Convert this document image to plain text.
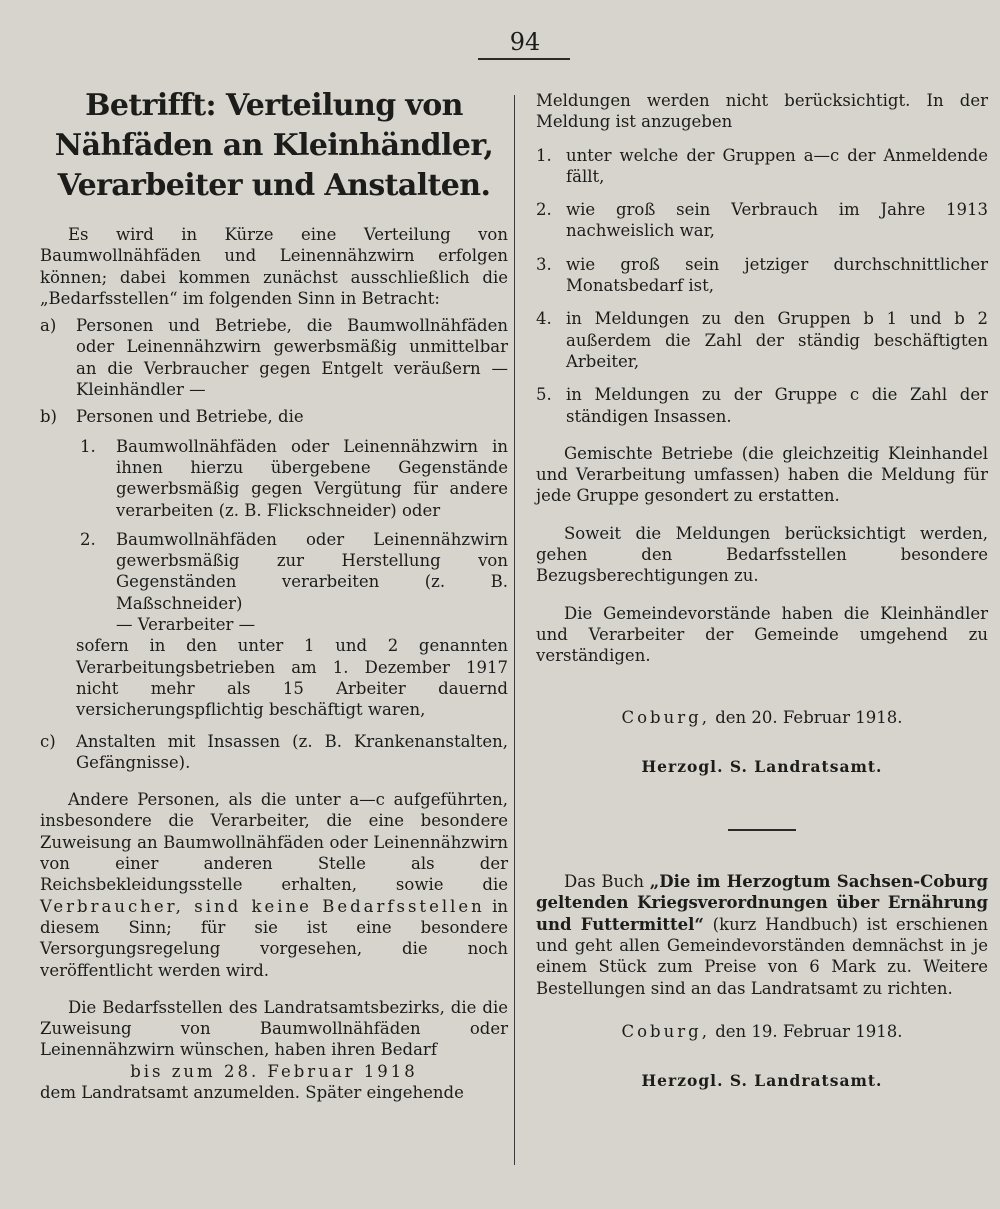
94
Betrifft: Verteilung von Nähfäden an Kleinhändler, Verarbeiter und Anstalten.

Es wird in Kürze eine Verteilung von Baumwollnähfäden und Leinennähzwirn erfolgen können; dabei kommen zunächst ausschließlich die „Bedarfsstellen“ im folgenden Sinn in Betracht:

a)	Personen und Betriebe, die Baumwollnähfäden oder Leinennähzwirn gewerbsmäßig unmittelbar an die Verbraucher gegen Entgelt veräußern — Kleinhändler —
b)	Personen und Betriebe, die
1.	Baumwollnähfäden oder Leinennähzwirn in ihnen hierzu übergebene Gegenstände gewerbsmäßig gegen Vergütung für andere verarbeiten (z. B. Flickschneider) oder
2.	Baumwollnähfäden oder Leinennähzwirn gewerbsmäßig zur Herstellung von Gegenständen verarbeiten (z. B. Maßschneider)
— Verarbeiter —

sofern in den unter 1 und 2 genannten Verarbeitungsbetrieben am 1. Dezember 1917 nicht mehr als 15 Arbeiter dauernd versicherungspflichtig beschäftigt waren,

c)	Anstalten mit Insassen (z. B. Krankenanstalten, Gefängnisse).

Andere Personen, als die unter a—c aufgeführten, insbesondere die Verarbeiter, die eine besondere Zuweisung an Baumwollnähfäden oder Leinennähzwirn von einer anderen Stelle als der Reichsbekleidungsstelle erhalten, sowie die Verbraucher, sind keine Bedarfsstellen in diesem Sinn; für sie ist eine besondere Versorgungsregelung vorgesehen, die noch veröffentlicht werden wird.

Die Bedarfsstellen des Landratsamtsbezirks, die die Zuweisung von Baumwollnähfäden oder Leinennähzwirn wünschen, haben ihren Bedarf

bis zum 28. Februar 1918

dem Landratsamt anzumelden. Später eingehende

Meldungen werden nicht berücksichtigt. In der Meldung ist anzugeben

1. unter welche der Gruppen a—c der Anmeldende fällt,
2. wie groß sein Verbrauch im Jahre 1913 nachweislich war,
3. wie groß sein jetziger durchschnittlicher Monatsbedarf ist,
4. in Meldungen zu den Gruppen b 1 und b 2 außerdem die Zahl der ständig beschäftigten Arbeiter,
5. in Meldungen zu der Gruppe c die Zahl der ständigen Insassen.

Gemischte Betriebe (die gleichzeitig Kleinhandel und Verarbeitung umfassen) haben die Meldung für jede Gruppe gesondert zu erstatten.

Soweit die Meldungen berücksichtigt werden, gehen den Bedarfsstellen besondere Bezugsberechtigungen zu.

Die Gemeindevorstände haben die Kleinhändler und Verarbeiter der Gemeinde umgehend zu verständigen.

Coburg, den 20. Februar 1918.

Herzogl. S. Landratsamt.

Das Buch „Die im Herzogtum Sachsen-Coburg geltenden Kriegsverordnungen über Ernährung und Futtermittel“ (kurz Handbuch) ist erschienen und geht allen Gemeindevorständen demnächst in je einem Stück zum Preise von 6 Mark zu. Weitere Bestellungen sind an das Landratsamt zu richten.

Coburg, den 19. Februar 1918.

Herzogl. S. Landratsamt.
